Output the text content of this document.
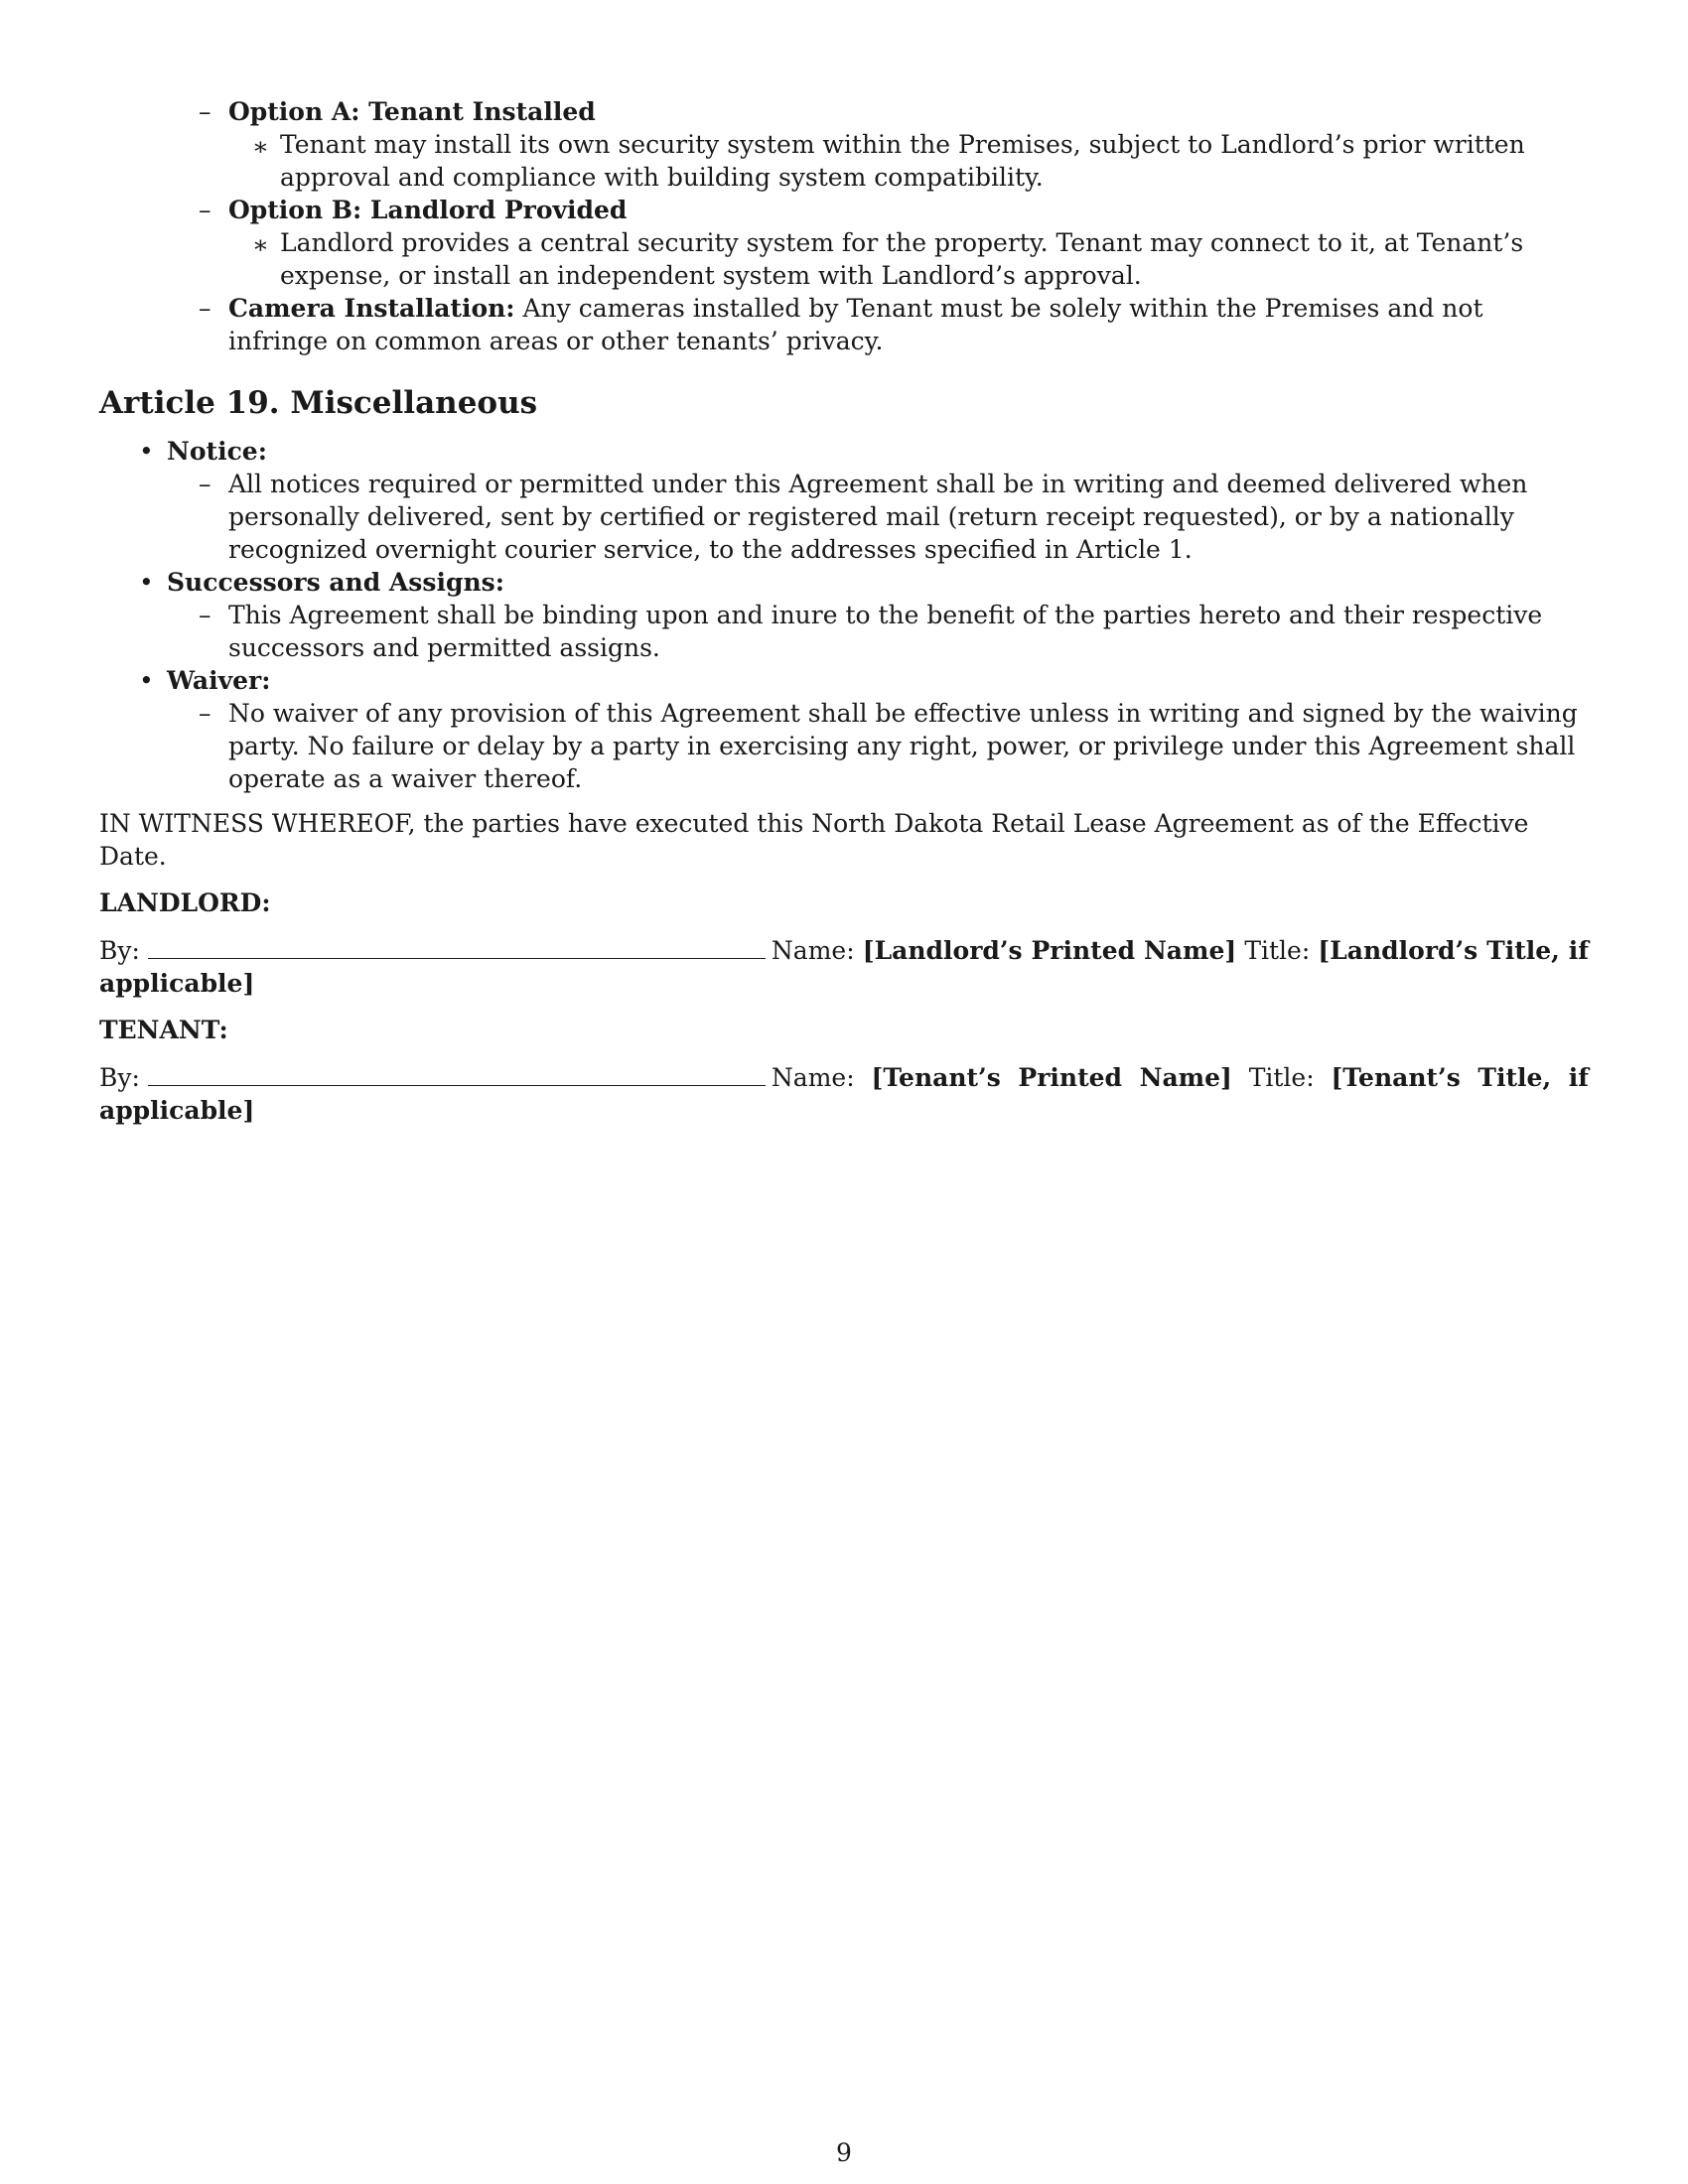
– Option A: Tenant Installed
∗ Tenant may install its own security system within the Premises, subject to Landlord’s prior written approval and compliance with building system compatibility.
– Option B: Landlord Provided
∗ Landlord provides a central security system for the property. Tenant may connect to it, at Tenant’s expense, or install an independent system with Landlord’s approval.
– Camera Installation: Any cameras installed by Tenant must be solely within the Premises and not infringe on common areas or other tenants’ privacy.
Article 19. Miscellaneous
• Notice:
– All notices required or permitted under this Agreement shall be in writing and deemed delivered when personally delivered, sent by certified or registered mail (return receipt requested), or by a nationally recognized overnight courier service, to the addresses specified in Article 1.
• Successors and Assigns:
– This Agreement shall be binding upon and inure to the benefit of the parties hereto and their respective successors and permitted assigns.
• Waiver:
– No waiver of any provision of this Agreement shall be effective unless in writing and signed by the waiving party. No failure or delay by a party in exercising any right, power, or privilege under this Agreement shall operate as a waiver thereof.
IN WITNESS WHEREOF, the parties have executed this North Dakota Retail Lease Agreement as of the Effective Date.
LANDLORD:
By:	Name: [Landlord’s Printed Name] Title: [Landlord’s Title, if applicable]
TENANT:
By:	Name: [Tenant’s Printed Name] Title: [Tenant’s Title, if applicable]
9
